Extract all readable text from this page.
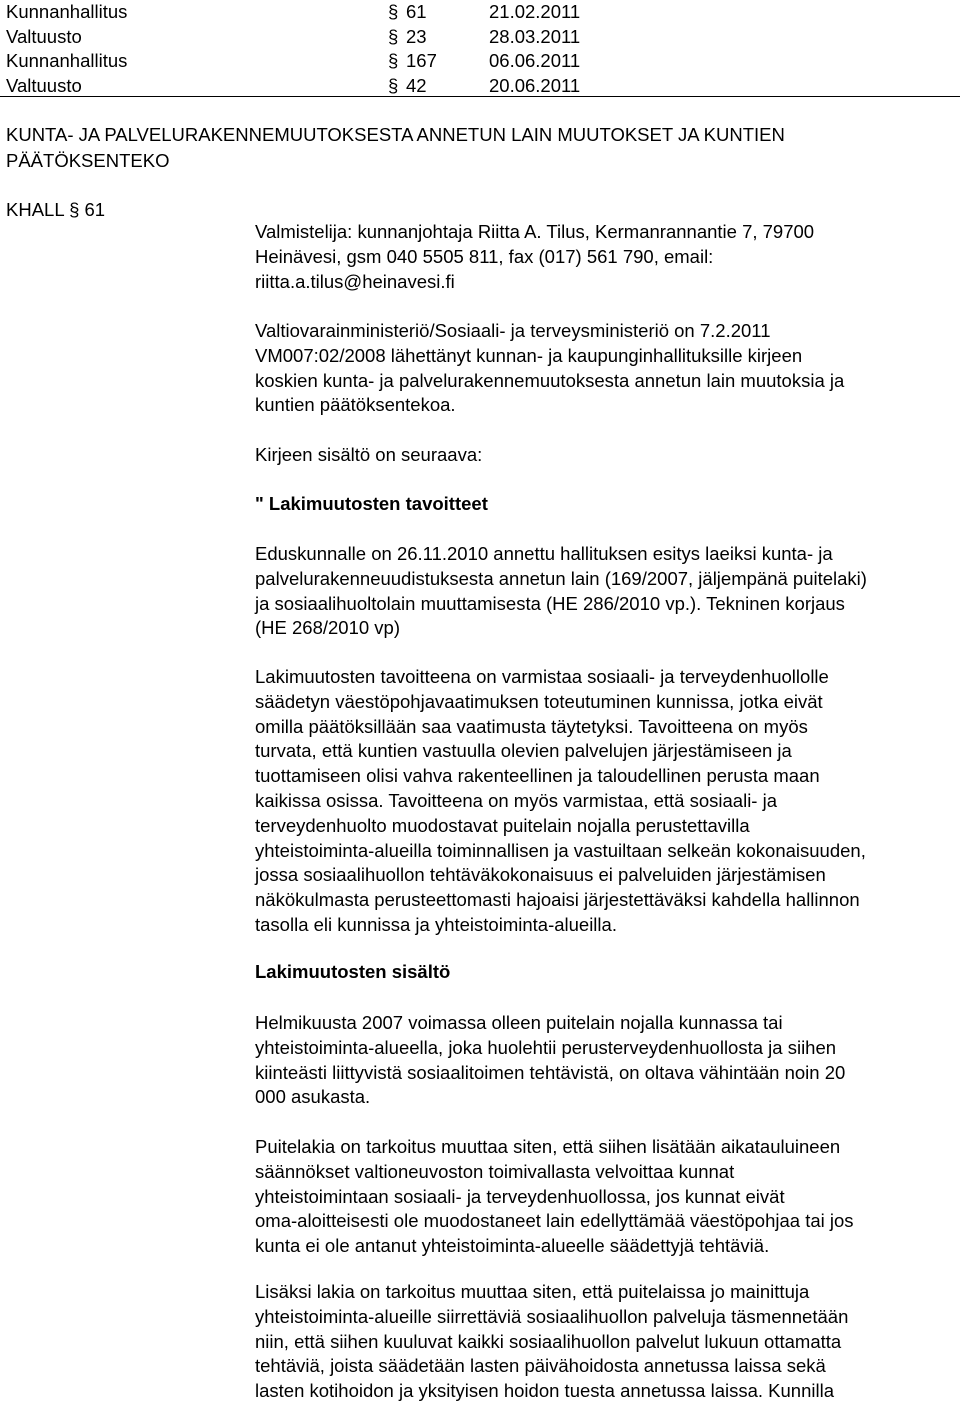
Kunnanhallitus	§ 61	21.02.2011
Valtuusto	§ 23	28.03.2011
Kunnanhallitus	§ 167	06.06.2011
Valtuusto	§ 42	20.06.2011
KUNTA- JA PALVELURAKENNEMUUTOKSESTA ANNETUN LAIN MUUTOKSET JA KUNTIEN PÄÄTÖKSENTEKO
KHALL § 61
Valmistelija: kunnanjohtaja Riitta A. Tilus, Kermanrannantie 7, 79700
Heinävesi, gsm 040 5505 811, fax (017) 561 790, email:
riitta.a.tilus@heinavesi.fi
Valtiovarainministeriö/Sosiaali- ja terveysministeriö on 7.2.2011
VM007:02/2008 lähettänyt kunnan- ja kaupunginhallituksille kirjeen
koskien kunta- ja palvelurakennemuutoksesta annetun lain muutoksia ja
kuntien päätöksentekoa.
Kirjeen sisältö on seuraava:
" Lakimuutosten tavoitteet
Eduskunnalle on 26.11.2010 annettu hallituksen esitys laeiksi kunta- ja
palvelurakenneuudistuksesta annetun lain (169/2007, jäljempänä puitelaki)
ja sosiaalihuoltolain muuttamisesta (HE 286/2010 vp.). Tekninen korjaus
(HE 268/2010 vp)
Lakimuutosten tavoitteena on varmistaa sosiaali- ja terveydenhuollolle
säädetyn väestöpohjavaatimuksen toteutuminen kunnissa, jotka eivät
omilla päätöksillään saa vaatimusta täytetyksi. Tavoitteena on myös
turvata, että kuntien vastuulla olevien palvelujen järjestämiseen ja
tuottamiseen olisi vahva rakenteellinen ja taloudellinen perusta maan
kaikissa osissa. Tavoitteena on myös varmistaa, että sosiaali- ja
terveydenhuolto muodostavat puitelain nojalla perustettavilla
yhteistoiminta-alueilla toiminnallisen ja vastuiltaan selkeän kokonaisuuden,
jossa sosiaalihuollon tehtäväkokonaisuus ei palveluiden järjestämisen
näkökulmasta perusteettomasti hajoaisi järjestettäväksi kahdella hallinnon
tasolla eli kunnissa ja yhteistoiminta-alueilla.
Lakimuutosten sisältö
Helmikuusta 2007 voimassa olleen puitelain nojalla kunnassa tai
yhteistoiminta-alueella, joka huolehtii perusterveydenhuollosta ja siihen
kiinteästi liittyvistä sosiaalitoimen tehtävistä, on oltava vähintään noin 20
000 asukasta.
Puitelakia on tarkoitus muuttaa siten, että siihen lisätään aikatauluineen
säännökset valtioneuvoston toimivallasta velvoittaa kunnat
yhteistoimintaan sosiaali- ja terveydenhuollossa, jos kunnat eivät
oma-aloitteisesti ole muodostaneet lain edellyttämää väestöpohjaa tai jos
kunta ei ole antanut yhteistoiminta-alueelle säädettyjä tehtäviä.
Lisäksi lakia on tarkoitus muuttaa siten, että puitelaissa jo mainittuja
yhteistoiminta-alueille siirrettäviä sosiaalihuollon palveluja täsmennetään
niin, että siihen kuuluvat kaikki sosiaalihuollon palvelut lukuun ottamatta
tehtäviä, joista säädetään lasten päivähoidosta annetussa laissa sekä
lasten kotihoidon ja yksityisen hoidon tuesta annetussa laissa. Kunnilla
